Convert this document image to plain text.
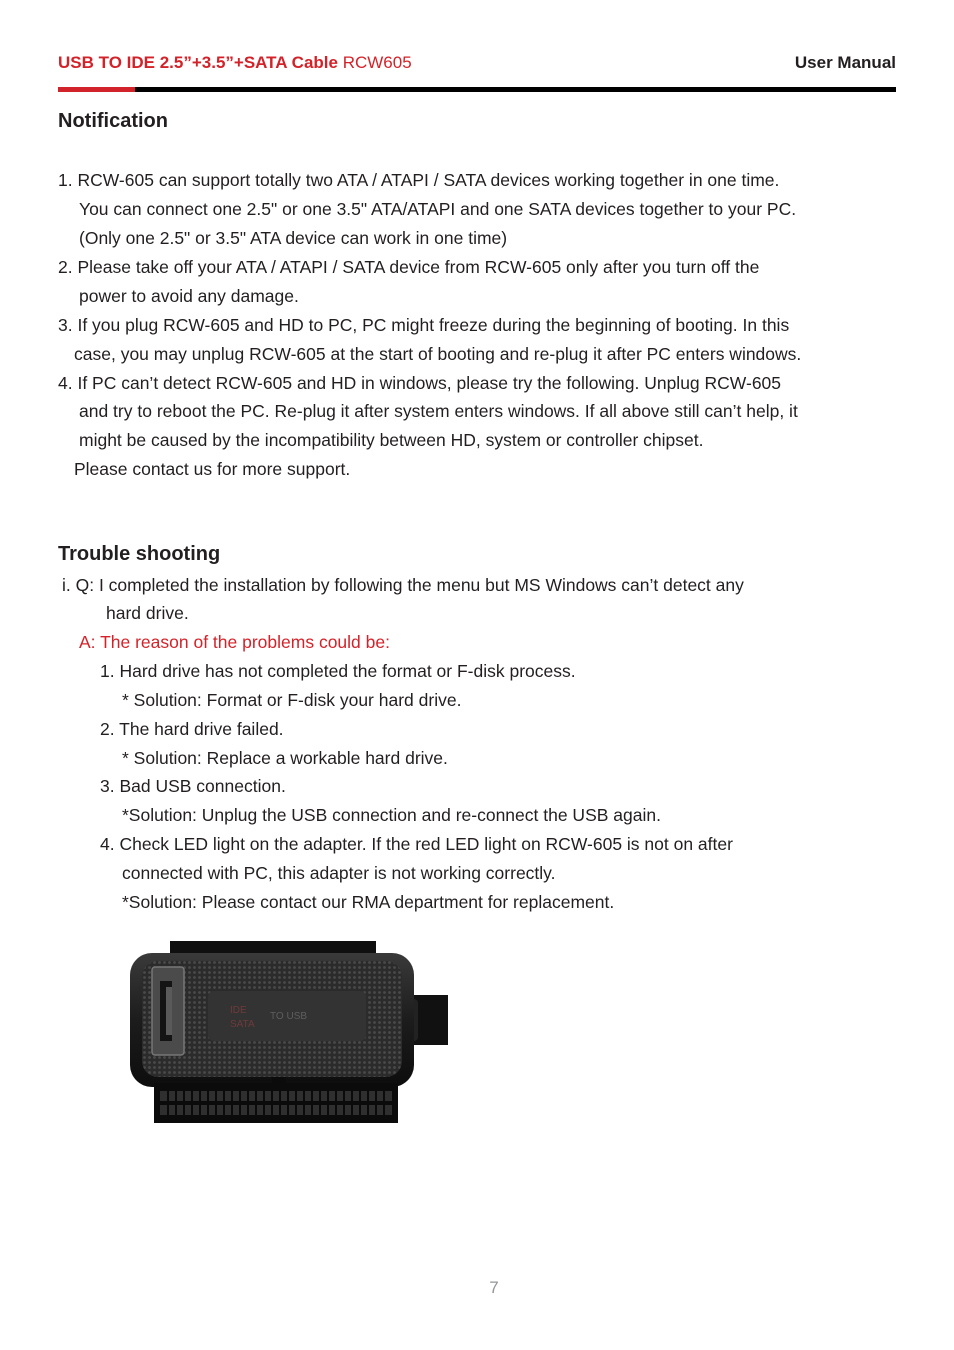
USB TO IDE 2.5”+3.5”+SATA Cable RCW605	User Manual
Notification
1. RCW-605 can support totally two ATA / ATAPI / SATA devices working together in one time.
You can connect one 2.5" or one 3.5" ATA/ATAPI and one SATA devices together to your PC.
(Only one 2.5" or 3.5" ATA device can work in one time)
2. Please take off your ATA / ATAPI / SATA device from RCW-605 only after you turn off the
power to avoid any damage.
3. If you plug RCW-605 and HD to PC, PC might freeze during the beginning of booting. In this
case, you may unplug RCW-605 at the start of booting and re-plug it after PC enters windows.
4. If PC can’t detect RCW-605 and HD in windows, please try the following. Unplug RCW-605
and try to reboot the PC. Re-plug it after system enters windows. If all above still can’t help, it
might be caused by the incompatibility between HD, system or controller chipset.
Please contact us for more support.
Trouble shooting
i. Q: I completed the installation by following the menu but MS Windows can’t detect any
hard drive.
A: The reason of the problems could be:
1. Hard drive has not completed the format or F-disk process.
* Solution: Format or F-disk your hard drive.
2. The hard drive failed.
* Solution: Replace a workable hard drive.
3. Bad USB connection.
*Solution: Unplug the USB connection and re-connect the USB again.
4. Check LED light on the adapter. If the red LED light on RCW-605 is not on after
connected with PC, this adapter is not working correctly.
*Solution: Please contact our RMA department for replacement.
IDE
SATA
TO USB
7
